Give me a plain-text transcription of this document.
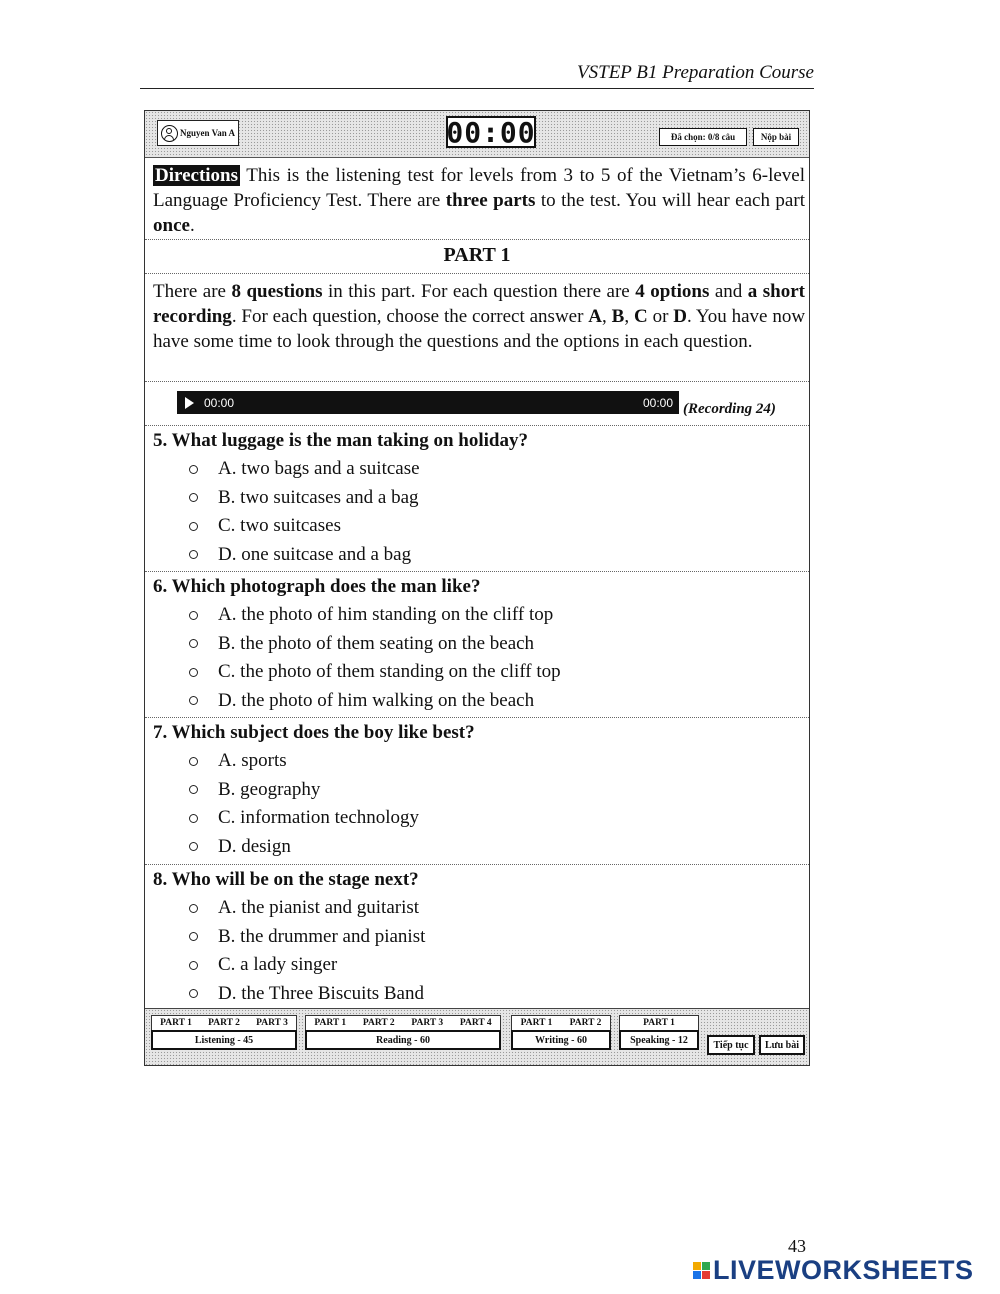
VSTEP B1 Preparation Course
Nguyen Van A	00:00	Đã chọn: 0/8 câu	Nộp bài
Directions This is the listening test for levels from 3 to 5 of the Vietnam’s 6-level Language Proficiency Test. There are three parts to the test. You will hear each part once.
PART 1
There are 8 questions in this part. For each question there are 4 options and a short recording. For each question, choose the correct answer A, B, C or D. You have now have some time to look through the questions and the options in each question.
00:00	00:00 (Recording 24)
5. What luggage is the man taking on holiday?
A. two bags and a suitcase
B. two suitcases and a bag
C. two suitcases
D. one suitcase and a bag
6. Which photograph does the man like?
A. the photo of him standing on the cliff top
B. the photo of them seating on the beach
C. the photo of them standing on the cliff top
D. the photo of him walking on the beach
7. Which subject does the boy like best?
A. sports
B. geography
C. information technology
D. design
8. Who will be on the stage next?
A. the pianist and guitarist
B. the drummer and pianist
C. a lady singer
D. the Three Biscuits Band
PART 1 PART 2 PART 3
Listening - 45
PART 1 PART 2 PART 3 PART 4
Reading - 60
PART 1 PART 2
Writing - 60
PART 1
Speaking - 12	Tiếp tục	Lưu bài
43
LIVEWORKSHEETS
